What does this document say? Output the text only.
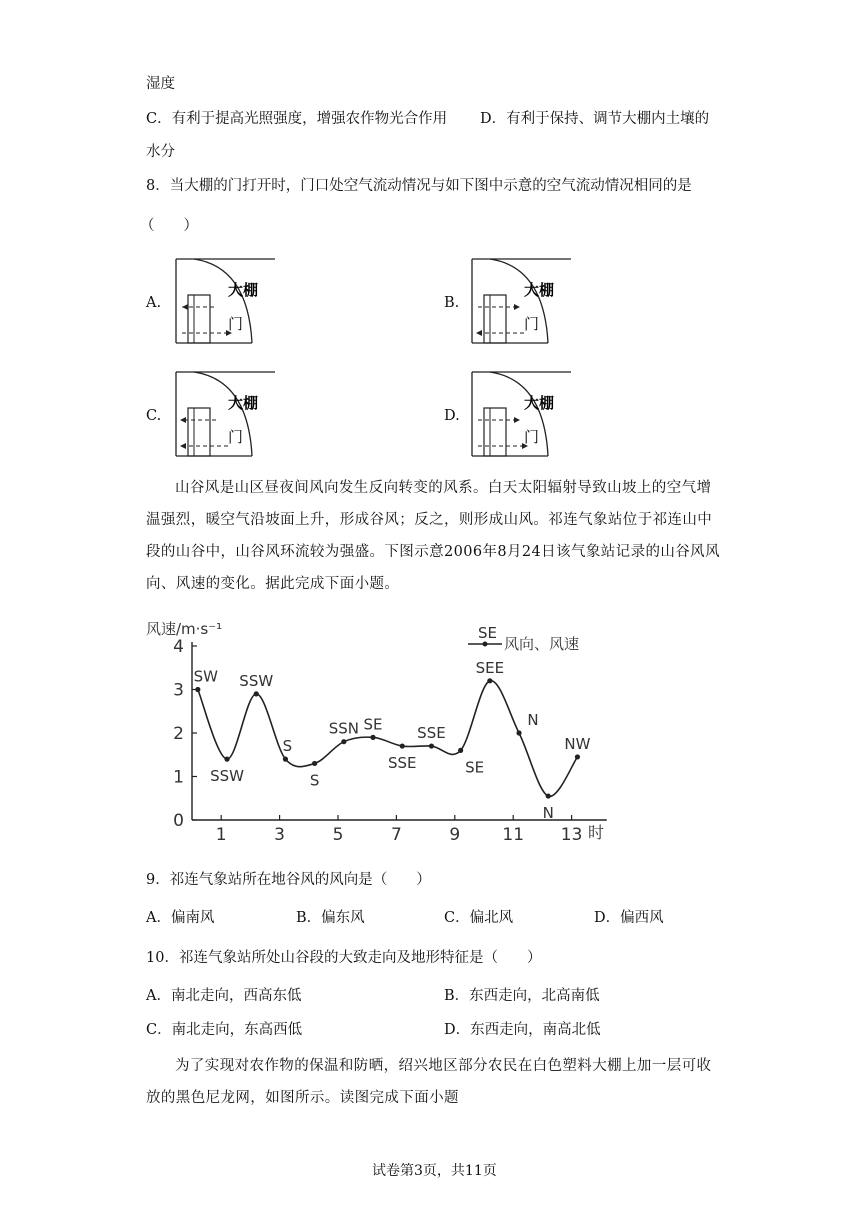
湿度
C．有利于提高光照强度，增强农作物光合作用 D．有利于保持、调节大棚内土壤的
水分
8．当大棚的门打开时，门口处空气流动情况与如下图中示意的空气流动情况相同的是
（　　）
A.
大棚
门
B.
大棚
门
C.
大棚
门
D.
大棚
门
山谷风是山区昼夜间风向发生反向转变的风系。白天太阳辐射导致山坡上的空气增温强烈，暖空气沿坡面上升，形成谷风；反之，则形成山风。祁连气象站位于祁连山中段的山谷中，山谷风环流较为强盛。下图示意2006年8月24日该气象站记录的山谷风风向、风速的变化。据此完成下面小题。
0
1
2
3
4
1	3	5	7	9 11 13
SW
SSW
SSW
S
S
SSN SE
SSE
SSE
SE
SEE
N
N
NW
风速/m·s⁻¹
时
SE
风向、风速
9．祁连气象站所在地谷风的风向是（　　）
A．偏南风	B．偏东风	C．偏北风	D．偏西风
10．祁连气象站所处山谷段的大致走向及地形特征是（　　）
A．南北走向，西高东低	B．东西走向，北高南低
C．南北走向，东高西低	D．东西走向，南高北低
为了实现对农作物的保温和防晒，绍兴地区部分农民在白色塑料大棚上加一层可收放的黑色尼龙网，如图所示。读图完成下面小题
试卷第3页，共11页
